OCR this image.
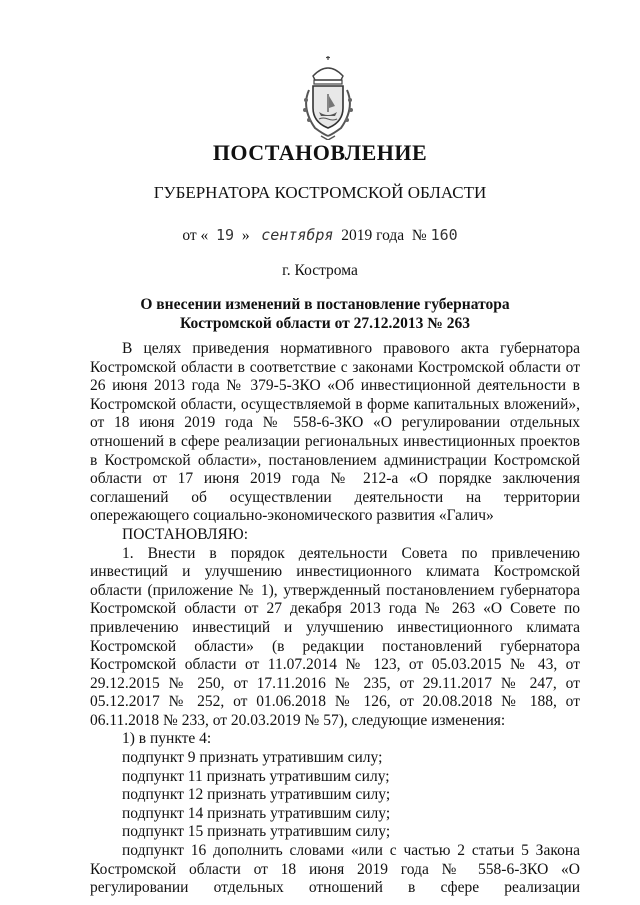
ПОСТАНОВЛЕНИЕ
ГУБЕРНАТОРА КОСТРОМСКОЙ ОБЛАСТИ
от « 19 » сентября 2019 года № 160
г. Кострома
О внесении изменений в постановление губернатора
Костромской области от 27.12.2013 № 263

В целях приведения нормативного правового акта губернатора Костромской области в соответствие с законами Костромской области от 26 июня 2013 года № 379-5-ЗКО «Об инвестиционной деятельности в Костромской области, осуществляемой в форме капитальных вложений», от 18 июня 2019 года № 558-6-ЗКО «О регулировании отдельных отношений в сфере реализации региональных инвестиционных проектов в Костромской области», постановлением администрации Костромской области от 17 июня 2019 года № 212-а «О порядке заключения соглашений об осуществлении деятельности на территории опережающего социально-экономического развития «Галич»

ПОСТАНОВЛЯЮ:

1. Внести в порядок деятельности Совета по привлечению инвестиций и улучшению инвестиционного климата Костромской области (приложение № 1), утвержденный постановлением губернатора Костромской области от 27 декабря 2013 года № 263 «О Совете по привлечению инвестиций и улучшению инвестиционного климата Костромской области» (в редакции постановлений губернатора Костромской области от 11.07.2014 № 123, от 05.03.2015 № 43, от 29.12.2015 № 250, от 17.11.2016 № 235, от 29.11.2017 № 247, от 05.12.2017 № 252, от 01.06.2018 № 126, от 20.08.2018 № 188, от 06.11.2018 № 233, от 20.03.2019 № 57), следующие изменения:

1) в пункте 4:

подпункт 9 признать утратившим силу;

подпункт 11 признать утратившим силу;

подпункт 12 признать утратившим силу;

подпункт 14 признать утратившим силу;

подпункт 15 признать утратившим силу;

подпункт 16 дополнить словами «или с частью 2 статьи 5 Закона Костромской области от 18 июня 2019 года № 558-6-ЗКО «О регулировании отдельных отношений в сфере реализации
